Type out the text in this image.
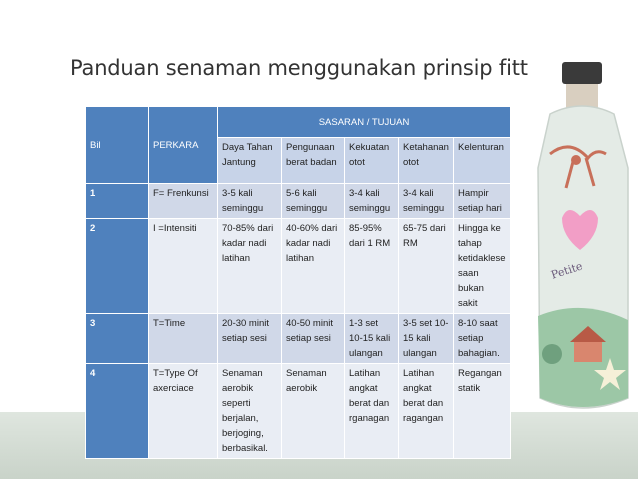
Petite
Panduan senaman menggunakan prinsip fitt
Bil	PERKARA	SASARAN / TUJUAN				
		Daya Tahan Jantung	Pengunaan berat badan	Kekuatan otot	Ketahanan otot	Kelenturan
1	F= Frenkunsi	3-5 kali seminggu	5-6 kali seminggu	3-4 kali seminggu	3-4 kali seminggu	Hampir setiap hari
2	I =Intensiti	70-85% dari kadar nadi latihan	40-60% dari kadar nadi latihan	85-95% dari 1 RM	65-75 dari RM	Hingga ke tahap ketidaklese saan bukan sakit
3	T=Time	20-30 minit setiap sesi	40-50 minit setiap sesi	1-3 set 10-15 kali ulangan	3-5 set 10-15 kali ulangan	8-10 saat setiap bahagian.
4	T=Type Of axerciace	Senaman aerobik seperti berjalan, berjoging, berbasikal.	Senaman aerobik	Latihan angkat berat dan rganagan	Latihan angkat berat dan ragangan	Regangan statik
